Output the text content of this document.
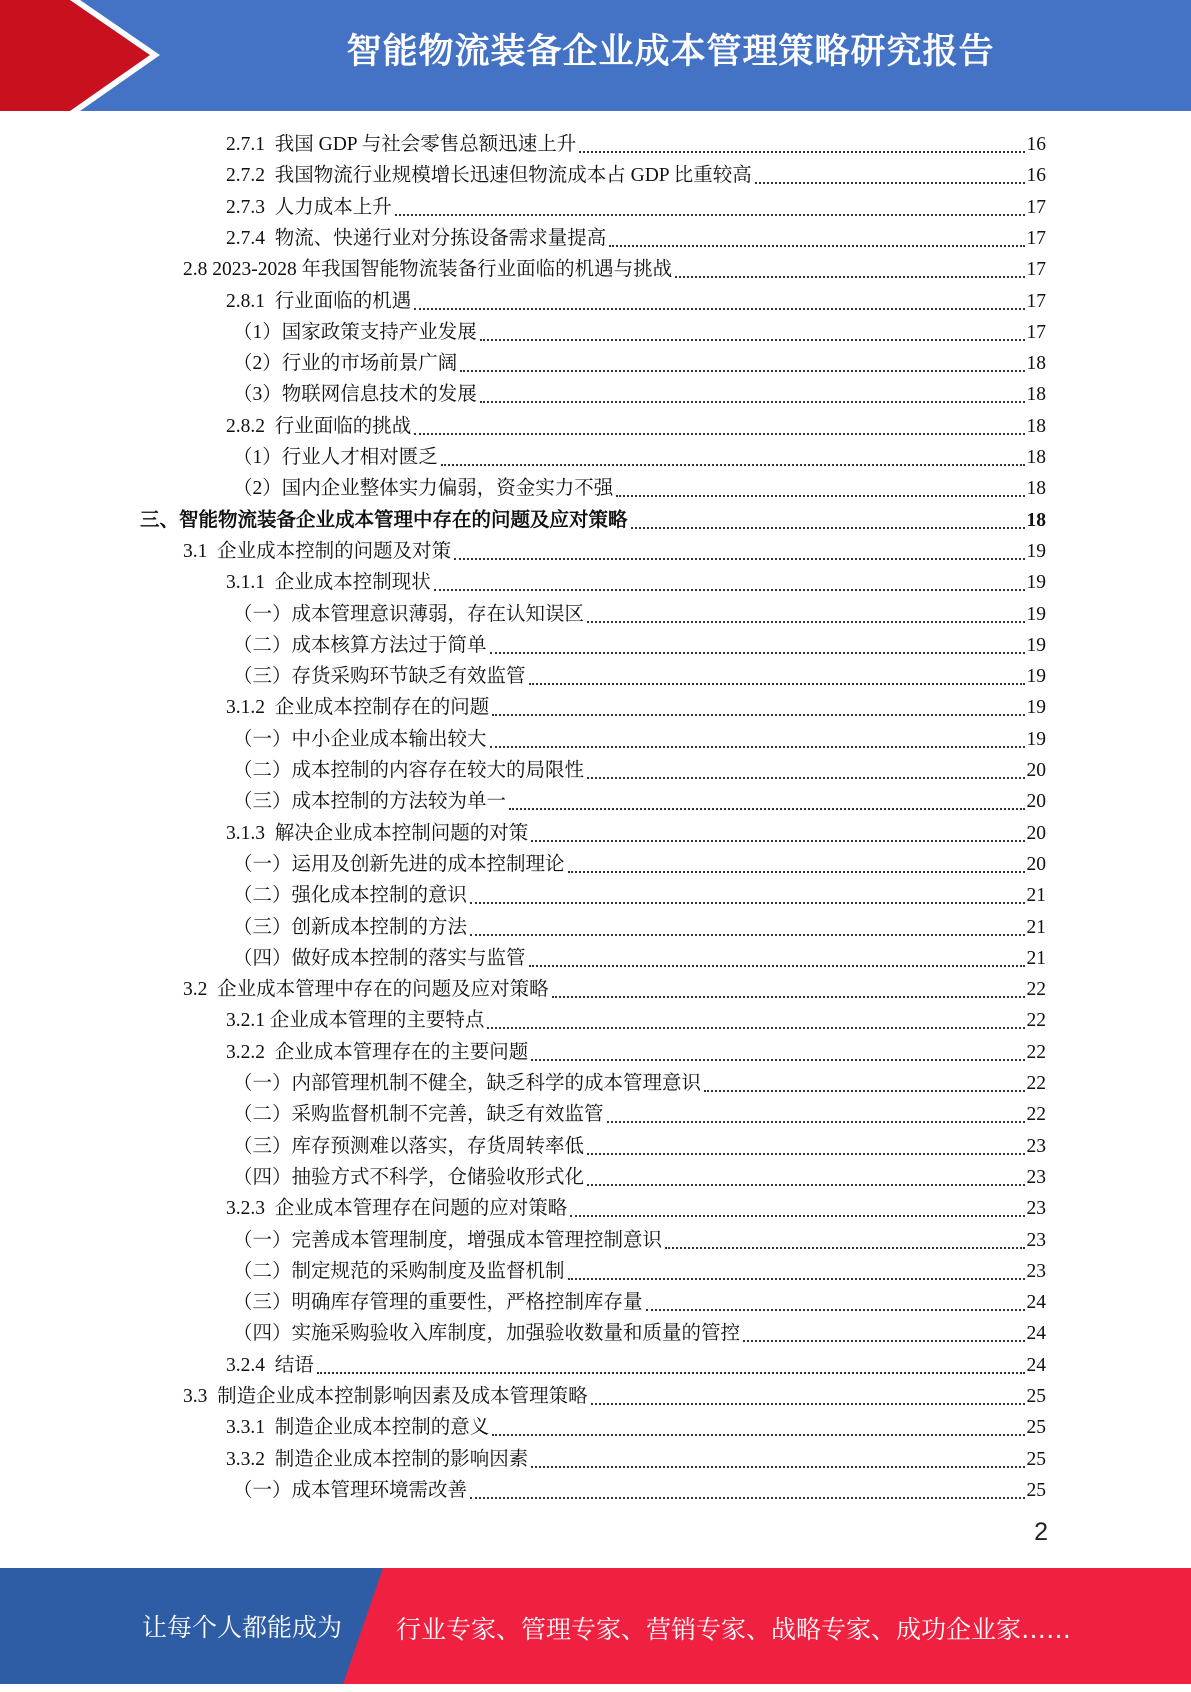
智能物流装备企业成本管理策略研究报告
2.7.1  我国 GDP 与社会零售总额迅速上升	16
2.7.2  我国物流行业规模增长迅速但物流成本占 GDP 比重较高	16
2.7.3  人力成本上升	17
2.7.4  物流、快递行业对分拣设备需求量提高	17
2.8 2023-2028 年我国智能物流装备行业面临的机遇与挑战	17
2.8.1  行业面临的机遇	17
（1）国家政策支持产业发展	17
（2）行业的市场前景广阔	18
（3）物联网信息技术的发展	18
2.8.2  行业面临的挑战	18
（1）行业人才相对匮乏	18
（2）国内企业整体实力偏弱，资金实力不强	18
三、智能物流装备企业成本管理中存在的问题及应对策略	18
3.1  企业成本控制的问题及对策	19
3.1.1  企业成本控制现状	19
（一）成本管理意识薄弱，存在认知误区	19
（二）成本核算方法过于简单	19
（三）存货采购环节缺乏有效监管	19
3.1.2  企业成本控制存在的问题	19
（一）中小企业成本输出较大	19
（二）成本控制的内容存在较大的局限性	20
（三）成本控制的方法较为单一	20
3.1.3  解决企业成本控制问题的对策	20
（一）运用及创新先进的成本控制理论	20
（二）强化成本控制的意识	21
（三）创新成本控制的方法	21
（四）做好成本控制的落实与监管	21
3.2  企业成本管理中存在的问题及应对策略	22
3.2.1 企业成本管理的主要特点	22
3.2.2  企业成本管理存在的主要问题	22
（一）内部管理机制不健全，缺乏科学的成本管理意识	22
（二）采购监督机制不完善，缺乏有效监管	22
（三）库存预测难以落实，存货周转率低	23
（四）抽验方式不科学，仓储验收形式化	23
3.2.3  企业成本管理存在问题的应对策略	23
（一）完善成本管理制度，增强成本管理控制意识	23
（二）制定规范的采购制度及监督机制	23
（三）明确库存管理的重要性，严格控制库存量	24
（四）实施采购验收入库制度，加强验收数量和质量的管控	24
3.2.4  结语	24
3.3  制造企业成本控制影响因素及成本管理策略	25
3.3.1  制造企业成本控制的意义	25
3.3.2  制造企业成本控制的影响因素	25
（一）成本管理环境需改善	25
2
让每个人都能成为 行业专家、管理专家、营销专家、战略专家、成功企业家……
